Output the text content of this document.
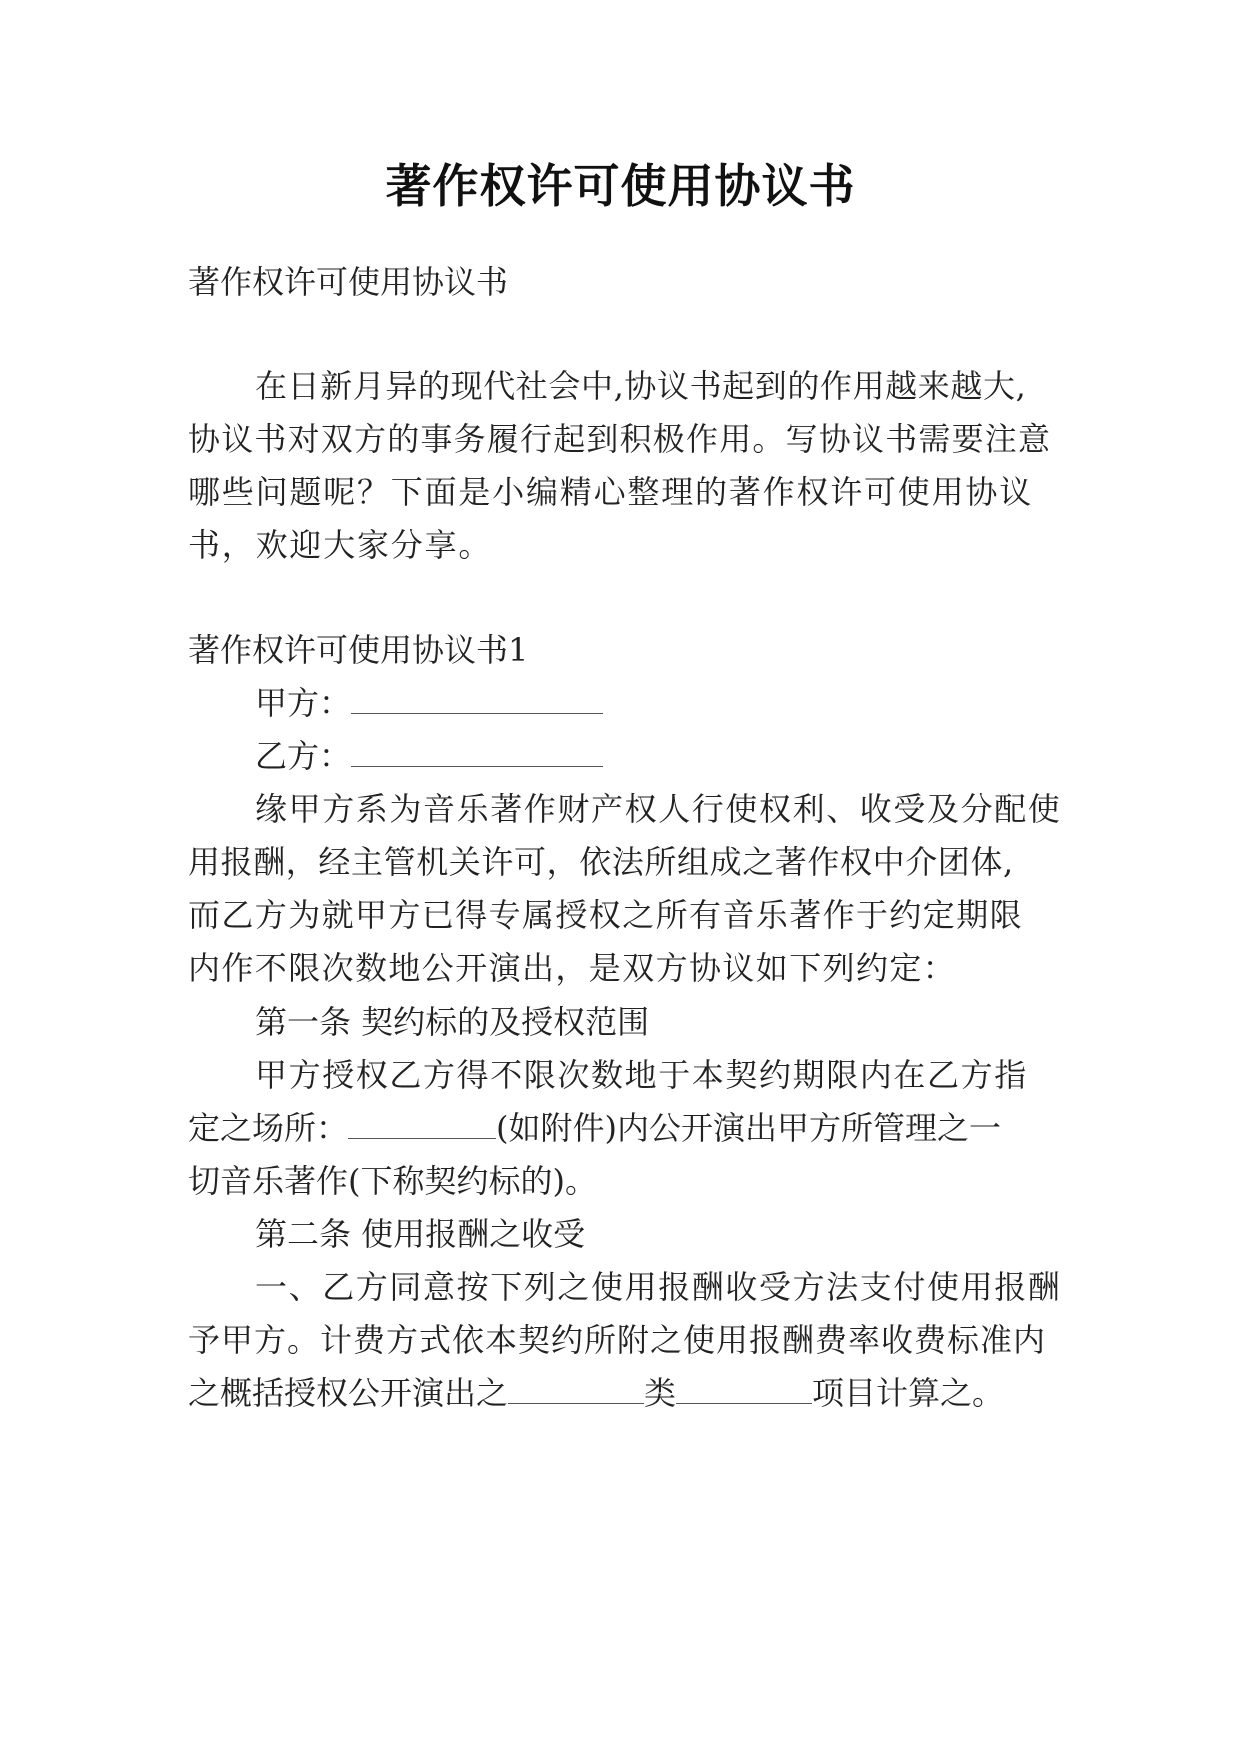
著作权许可使用协议书
著作权许可使用协议书
在日新月异的现代社会中,协议书起到的作用越来越大,
协议书对双方的事务履行起到积极作用。写协议书需要注意
哪些问题呢？下面是小编精心整理的著作权许可使用协议
书，欢迎大家分享。
著作权许可使用协议书1
甲方：
乙方：
缘甲方系为音乐著作财产权人行使权利、收受及分配使
用报酬，经主管机关许可，依法所组成之著作权中介团体,
而乙方为就甲方已得专属授权之所有音乐著作于约定期限
内作不限次数地公开演出，是双方协议如下列约定：
第一条 契约标的及授权范围
甲方授权乙方得不限次数地于本契约期限内在乙方指
定之场所：	(如附件)内公开演出甲方所管理之一
切音乐著作(下称契约标的)。
第二条 使用报酬之收受
一、乙方同意按下列之使用报酬收受方法支付使用报酬
予甲方。计费方式依本契约所附之使用报酬费率收费标准内
之概括授权公开演出之	类	项目计算之。
